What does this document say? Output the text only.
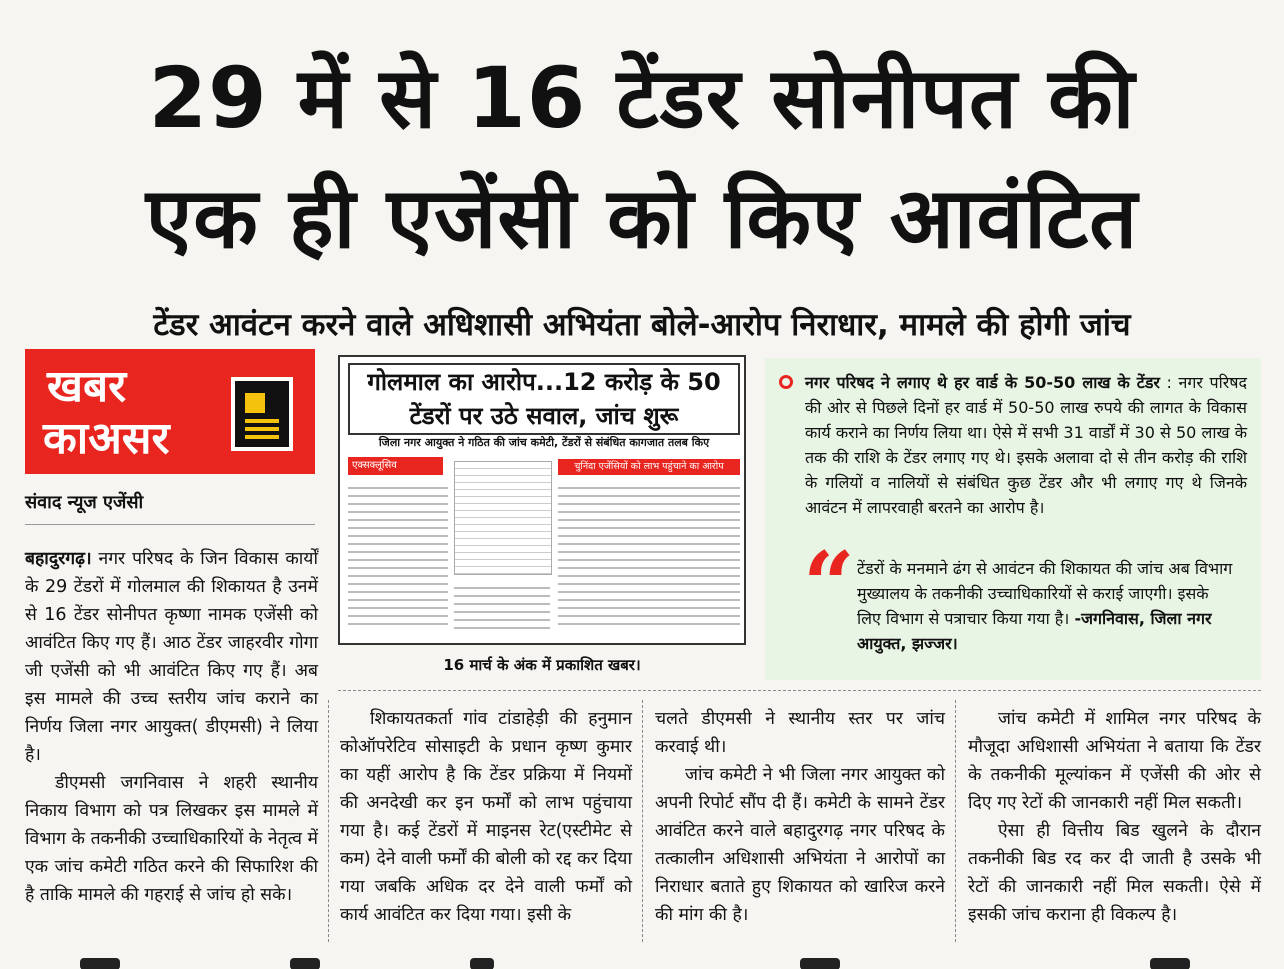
29 में से 16 टेंडर सोनीपत की
एक ही एजेंसी को किए आवंटित
टेंडर आवंटन करने वाले अधिशासी अभियंता बोले-आरोप निराधार, मामले की होगी जांच
खबर
काअसर
संवाद न्यूज एजेंसी

बहादुरगढ़। नगर परिषद के जिन विकास कार्यों के 29 टेंडरों में गोलमाल की शिकायत है उनमें से 16 टेंडर सोनीपत कृष्णा नामक एजेंसी को आवंटित किए गए हैं। आठ टेंडर जाहरवीर गोगा जी एजेंसी को भी आवंटित किए गए हैं। अब इस मामले की उच्च स्तरीय जांच कराने का निर्णय जिला नगर आयुक्त( डीएमसी) ने लिया है।

डीएमसी जगनिवास ने शहरी स्थानीय निकाय विभाग को पत्र लिखकर इस मामले में विभाग के तकनीकी उच्चाधिकारियों के नेतृत्व में एक जांच कमेटी गठित करने की सिफारिश की है ताकि मामले की गहराई से जांच हो सके।

गोलमाल का आरोप...12 करोड़ के 50 टेंडरों पर उठे सवाल, जांच शुरू
जिला नगर आयुक्त ने गठित की जांच कमेटी, टेंडरों से संबंधित कागजात तलब किए
एक्सक्लूसिव	चुनिंदा एजेंसियों को लाभ पहुंचाने का आरोप
16 मार्च के अंक में प्रकाशित खबर।
नगर परिषद ने लगाए थे हर वार्ड के 50-50 लाख के टेंडर : नगर परिषद की ओर से पिछले दिनों हर वार्ड में 50-50 लाख रुपये की लागत के विकास कार्य कराने का निर्णय लिया था। ऐसे में सभी 31 वार्डों में 30 से 50 लाख के तक की राशि के टेंडर लगाए गए थे। इसके अलावा दो से तीन करोड़ की राशि के गलियों व नालियों से संबंधित कुछ टेंडर और भी लगाए गए थे जिनके आवंटन में लापरवाही बरतने का आरोप है।
“ टेंडरों के मनमाने ढंग से आवंटन की शिकायत की जांच अब विभाग मुख्यालय के तकनीकी उच्चाधिकारियों से कराई जाएगी। इसके लिए विभाग से पत्राचार किया गया है। -जगनिवास, जिला नगर आयुक्त, झज्जर।

शिकायतकर्ता गांव टांडाहेड़ी की हनुमान कोऑपरेटिव सोसाइटी के प्रधान कृष्ण कुमार का यहीं आरोप है कि टेंडर प्रक्रिया में नियमों की अनदेखी कर इन फर्मों को लाभ पहुंचाया गया है। कई टेंडरों में माइनस रेट(एस्टीमेट से कम) देने वाली फर्मों की बोली को रद्द कर दिया गया जबकि अधिक दर देने वाली फर्मों को कार्य आवंटित कर दिया गया। इसी के

चलते डीएमसी ने स्थानीय स्तर पर जांच करवाई थी।

जांच कमेटी ने भी जिला नगर आयुक्त को अपनी रिपोर्ट सौंप दी हैं। कमेटी के सामने टेंडर आवंटित करने वाले बहादुरगढ़ नगर परिषद के तत्कालीन अधिशासी अभियंता ने आरोपों का निराधार बताते हुए शिकायत को खारिज करने की मांग की है।

जांच कमेटी में शामिल नगर परिषद के मौजूदा अधिशासी अभियंता ने बताया कि टेंडर के तकनीकी मूल्यांकन में एजेंसी की ओर से दिए गए रेटों की जानकारी नहीं मिल सकती।

ऐसा ही वित्तीय बिड खुलने के दौरान तकनीकी बिड रद कर दी जाती है उसके भी रेटों की जानकारी नहीं मिल सकती। ऐसे में इसकी जांच कराना ही विकल्प है।
